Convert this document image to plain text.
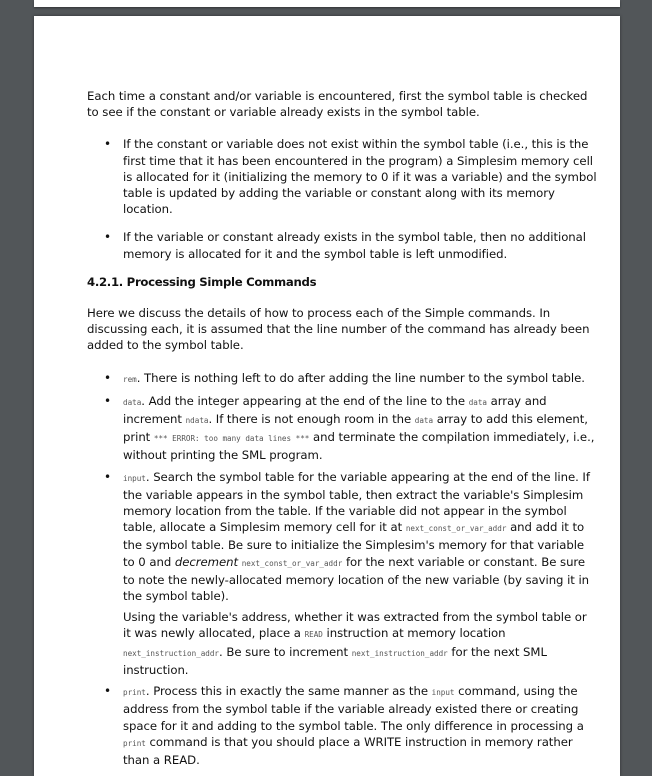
Each time a constant and/or variable is encountered, first the symbol table is checked to see if the constant or variable already exists in the symbol table.

• If the constant or variable does not exist within the symbol table (i.e., this is the first time that it has been encountered in the program) a Simplesim memory cell is allocated for it (initializing the memory to 0 if it was a variable) and the symbol table is updated by adding the variable or constant along with its memory location.
• If the variable or constant already exists in the symbol table, then no additional memory is allocated for it and the symbol table is left unmodified.
4.2.1. Processing Simple Commands

Here we discuss the details of how to process each of the Simple commands. In discussing each, it is assumed that the line number of the command has already been added to the symbol table.

• rem. There is nothing left to do after adding the line number to the symbol table.

• data. Add the integer appearing at the end of the line to the data array and increment ndata. If there is not enough room in the data array to add this element, print *** ERROR: too many data lines *** and terminate the compilation immediately, i.e., without printing the SML program.

• input. Search the symbol table for the variable appearing at the end of the line. If the variable appears in the symbol table, then extract the variable's Simplesim memory location from the table. If the variable did not appear in the symbol table, allocate a Simplesim memory cell for it at next_const_or_var_addr and add it to the symbol table. Be sure to initialize the Simplesim's memory for that variable to 0 and decrement next_const_or_var_addr for the next variable or constant. Be sure to note the newly-allocated memory location of the new variable (by saving it in the symbol table).

Using the variable's address, whether it was extracted from the symbol table or it was newly allocated, place a READ instruction at memory location next_instruction_addr. Be sure to increment next_instruction_addr for the next SML instruction.

• print. Process this in exactly the same manner as the input command, using the address from the symbol table if the variable already existed there or creating space for it and adding to the symbol table. The only difference in processing a print command is that you should place a WRITE instruction in memory rather than a READ.
